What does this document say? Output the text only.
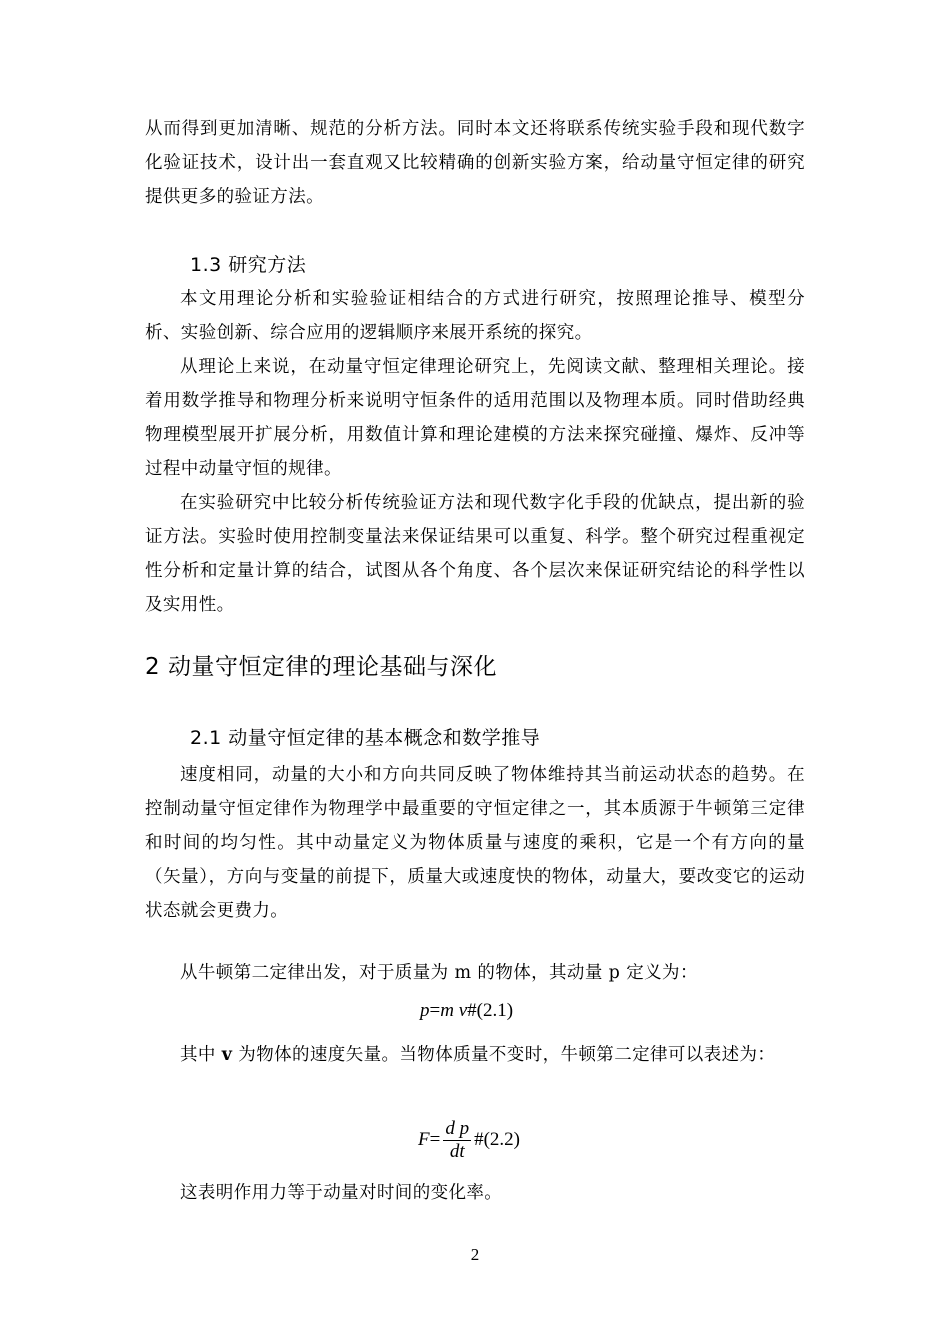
从而得到更加清晰、规范的分析方法。同时本文还将联系传统实验手段和现代数字化验证技术，设计出一套直观又比较精确的创新实验方案，给动量守恒定律的研究提供更多的验证方法。

1.3 研究方法

本文用理论分析和实验验证相结合的方式进行研究，按照理论推导、模型分析、实验创新、综合应用的逻辑顺序来展开系统的探究。

从理论上来说，在动量守恒定律理论研究上，先阅读文献、整理相关理论。接着用数学推导和物理分析来说明守恒条件的适用范围以及物理本质。同时借助经典物理模型展开扩展分析，用数值计算和理论建模的方法来探究碰撞、爆炸、反冲等过程中动量守恒的规律。

在实验研究中比较分析传统验证方法和现代数字化手段的优缺点，提出新的验证方法。实验时使用控制变量法来保证结果可以重复、科学。整个研究过程重视定性分析和定量计算的结合，试图从各个角度、各个层次来保证研究结论的科学性以及实用性。

2 动量守恒定律的理论基础与深化
2.1 动量守恒定律的基本概念和数学推导

速度相同，动量的大小和方向共同反映了物体维持其当前运动状态的趋势。在控制动量守恒定律作为物理学中最重要的守恒定律之一，其本质源于牛顿第三定律和时间的均匀性。其中动量定义为物体质量与速度的乘积，它是一个有方向的量（矢量），方向与变量的前提下，质量大或速度快的物体，动量大，要改变它的运动状态就会更费力。

从牛顿第二定律出发，对于质量为 m 的物体，其动量 p 定义为：

p=m v#(2.1)

其中 v 为物体的速度矢量。当物体质量不变时，牛顿第二定律可以表述为：

$F= \frac{\text{d p}}{dt}$ #(2.2)

这表明作用力等于动量对时间的变化率。

2
